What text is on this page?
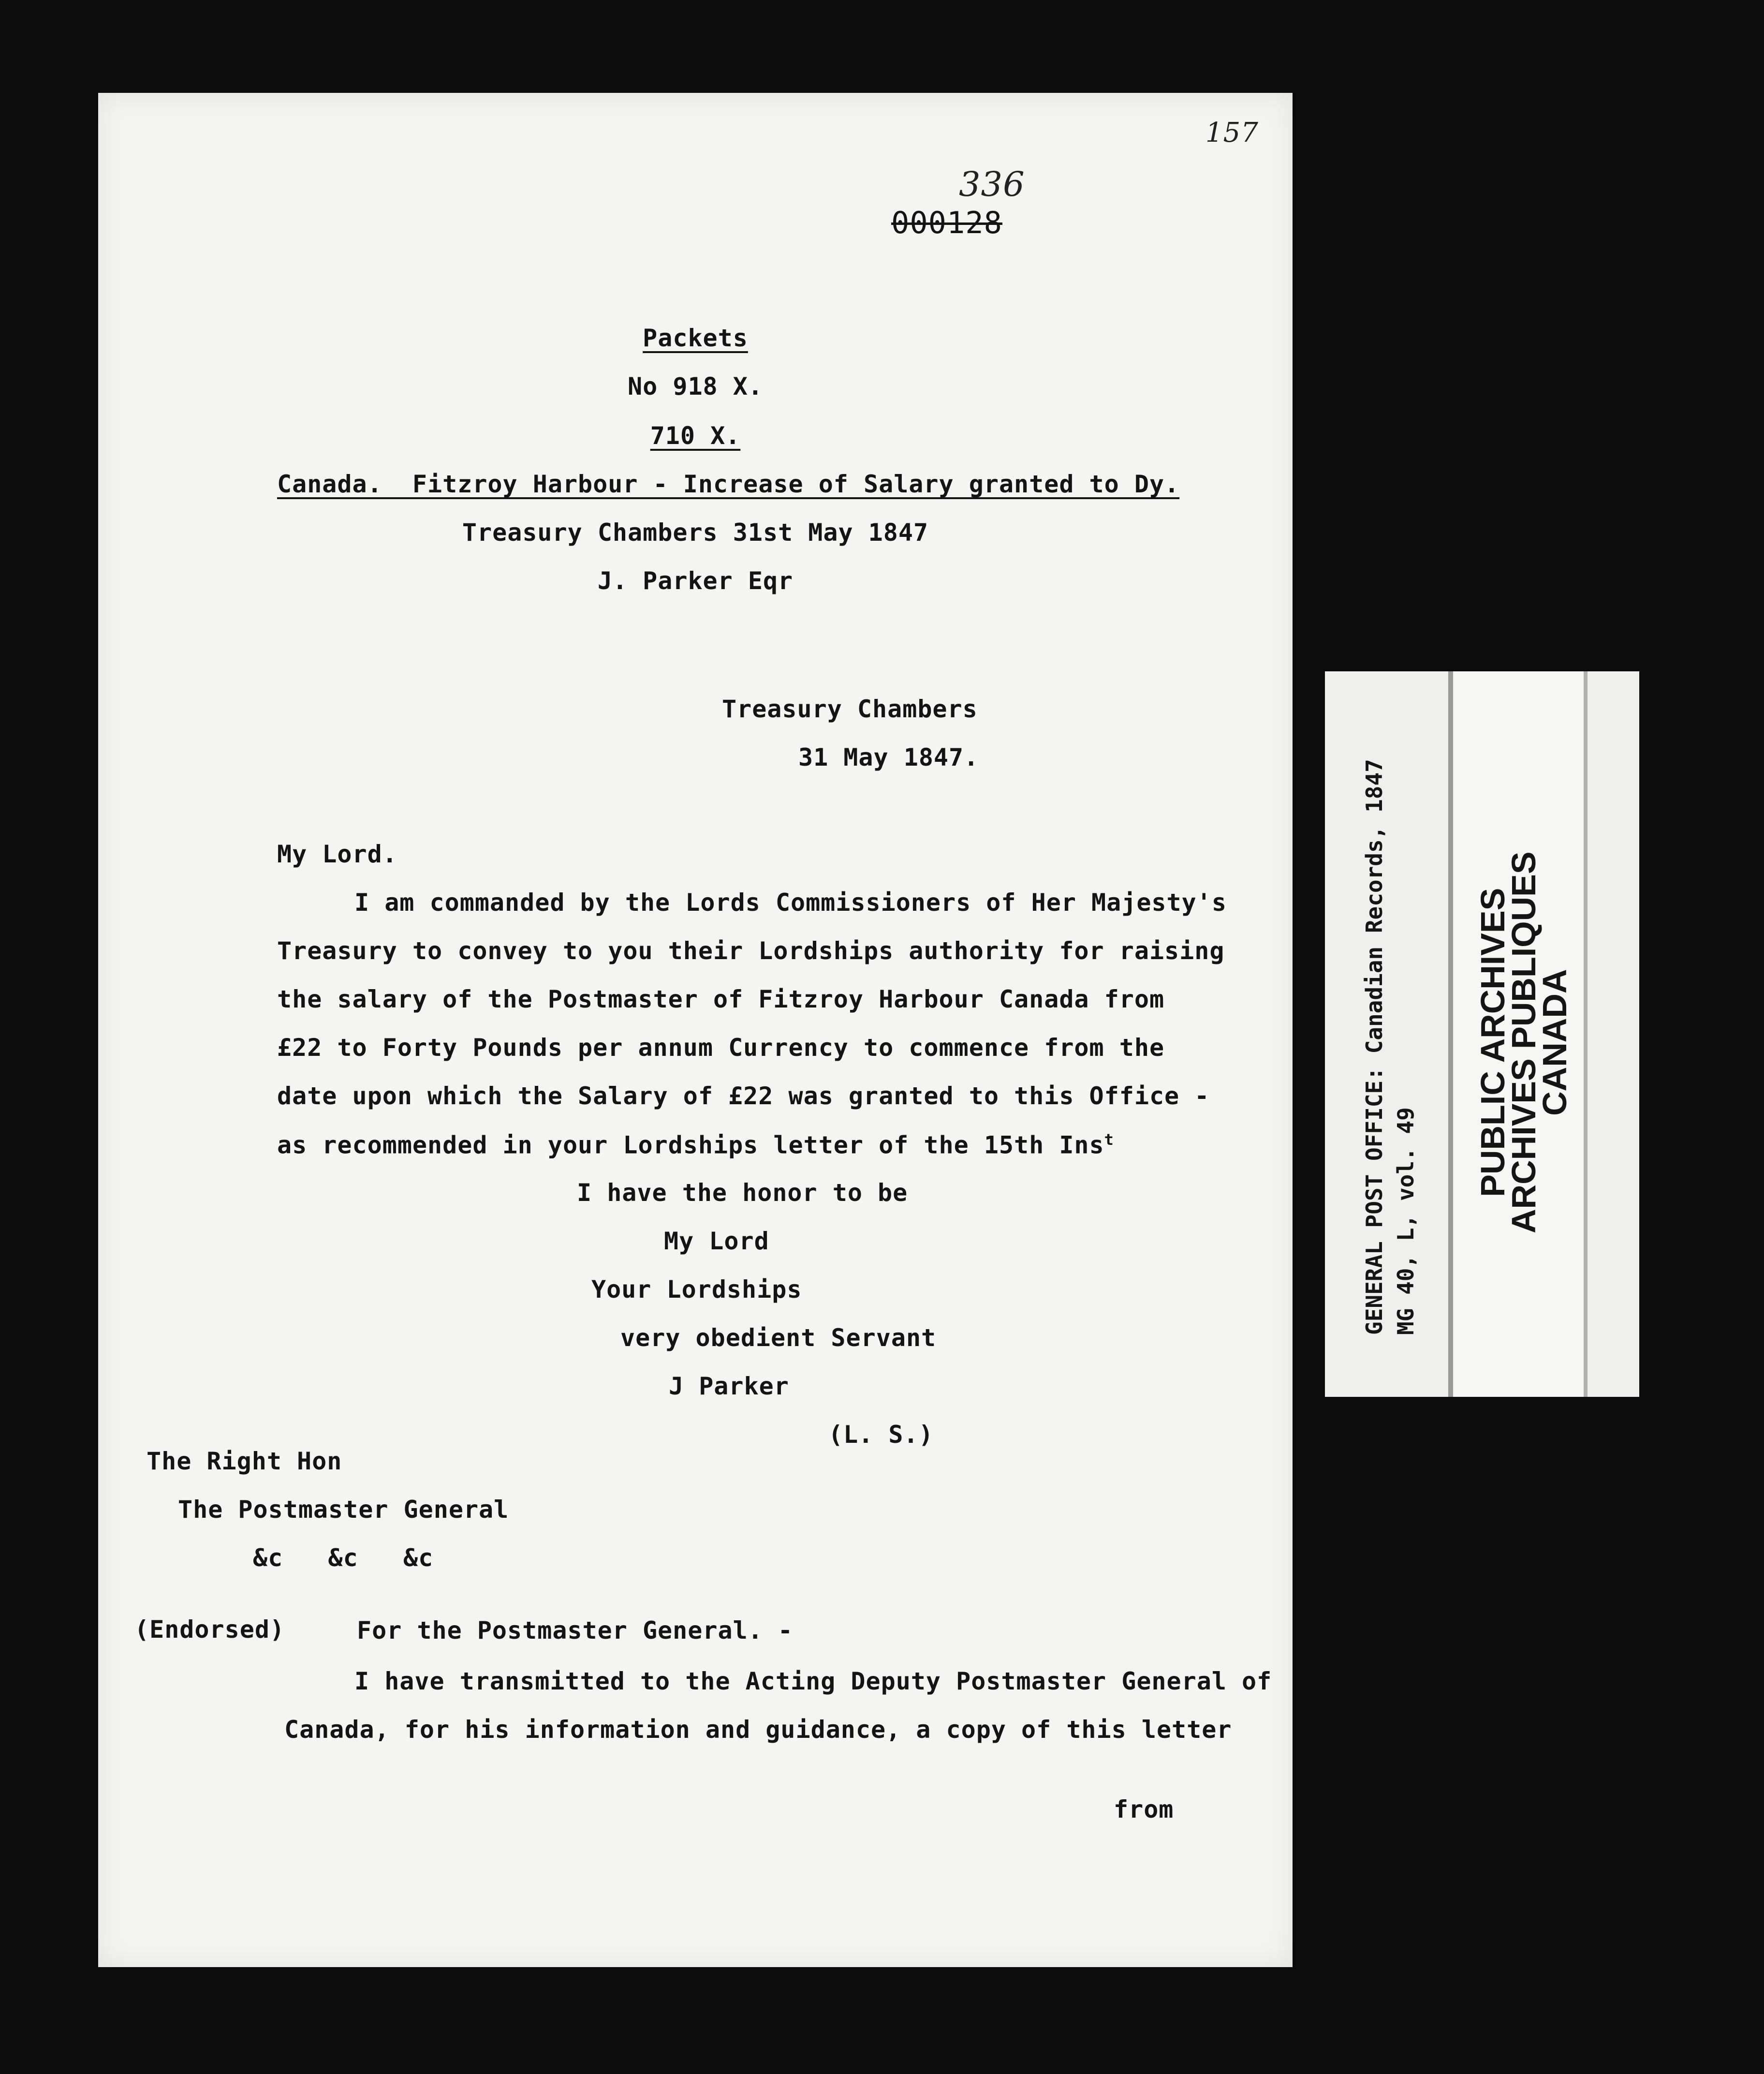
157
336
000128
Packets
No 918 X.
710 X.
Canada.  Fitzroy Harbour - Increase of Salary granted to Dy.
Treasury Chambers 31st May 1847
J. Parker Eqr
Treasury Chambers
31 May 1847.
My Lord.
I am commanded by the Lords Commissioners of Her Majesty's
Treasury to convey to you their Lordships authority for raising
the salary of the Postmaster of Fitzroy Harbour Canada from
£22 to Forty Pounds per annum Currency to commence from the
date upon which the Salary of £22 was granted to this Office -
as recommended in your Lordships letter of the 15th Ins$^t$
I have the honor to be
My Lord
Your Lordships
very obedient Servant
J Parker
(L. S.)
The Right Hon
The Postmaster General
&c   &c   &c
(Endorsed)	For the Postmaster General. -
I have transmitted to the Acting Deputy Postmaster General of
Canada, for his information and guidance, a copy of this letter
from
GENERAL POST OFFICE: Canadian Records, 1847 MG 40, L, vol. 49
PUBLIC ARCHIVES
ARCHIVES PUBLIQUES
CANADA
